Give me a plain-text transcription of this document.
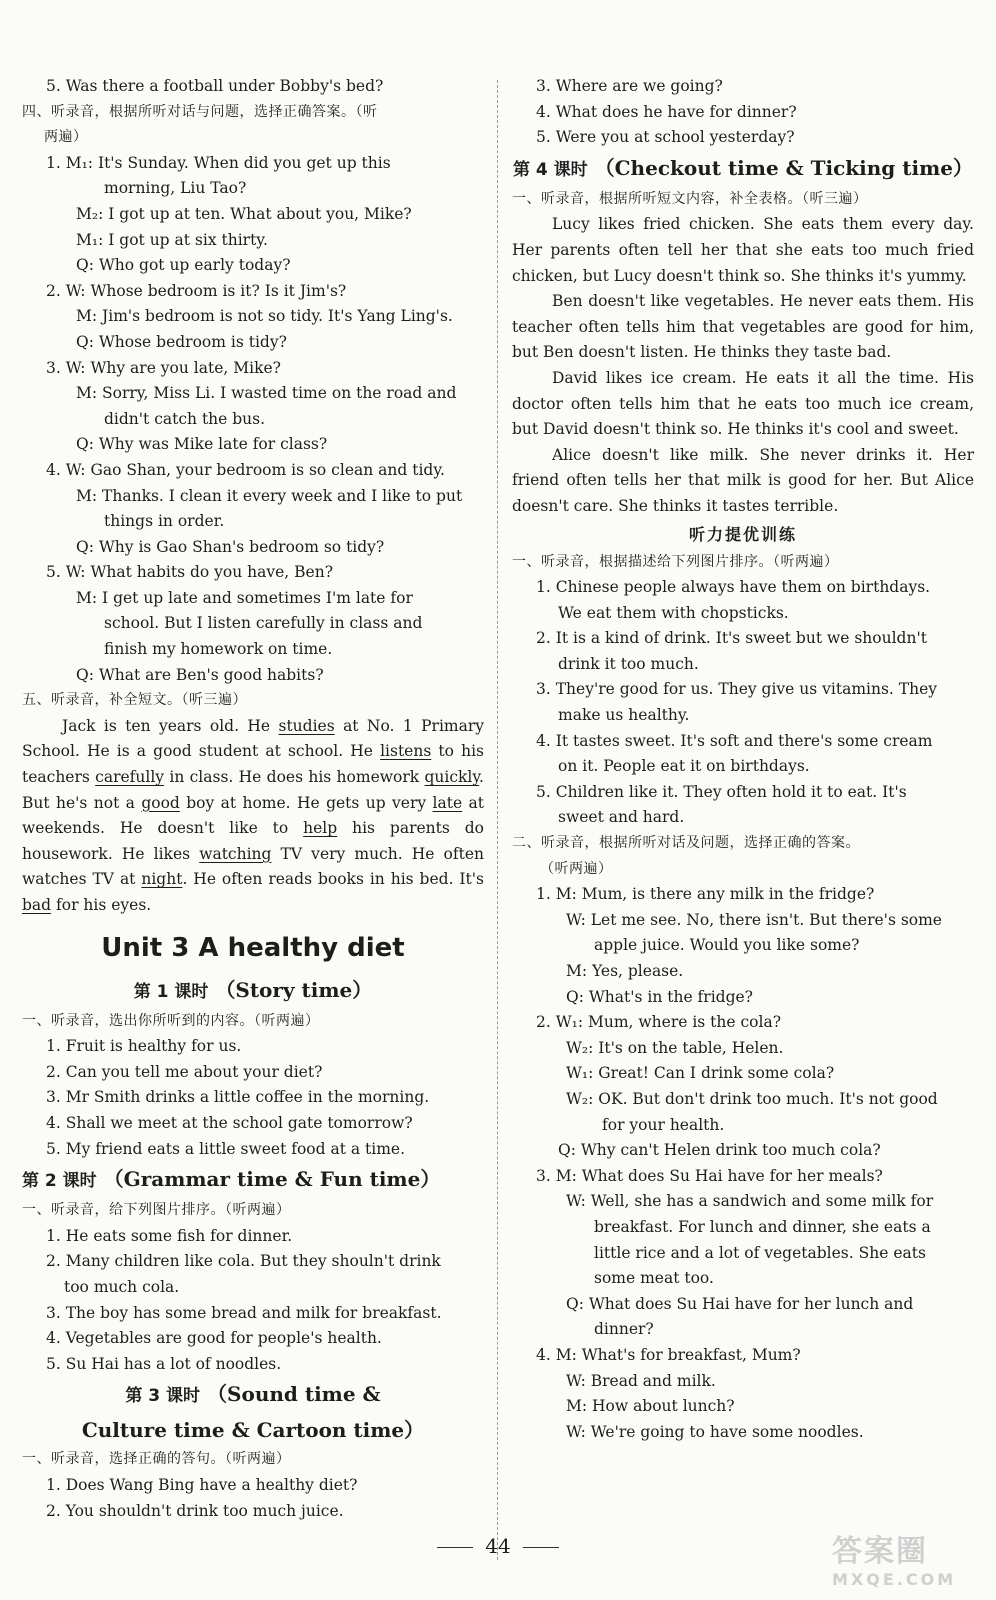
5. Was there a football under Bobby's bed?
四、听录音，根据所听对话与问题，选择正确答案。（听
两遍）
1. M₁: It's Sunday. When did you get up this
morning, Liu Tao?
M₂: I got up at ten. What about you, Mike?
M₁: I got up at six thirty.
Q: Who got up early today?
2. W: Whose bedroom is it? Is it Jim's?
M: Jim's bedroom is not so tidy. It's Yang Ling's.
Q: Whose bedroom is tidy?
3. W: Why are you late, Mike?
M: Sorry, Miss Li. I wasted time on the road and
didn't catch the bus.
Q: Why was Mike late for class?
4. W: Gao Shan, your bedroom is so clean and tidy.
M: Thanks. I clean it every week and I like to put
things in order.
Q: Why is Gao Shan's bedroom so tidy?
5. W: What habits do you have, Ben?
M: I get up late and sometimes I'm late for
school. But I listen carefully in class and
finish my homework on time.
Q: What are Ben's good habits?
五、听录音，补全短文。（听三遍）
Jack is ten years old. He studies at No. 1 Primary School. He is a good student at school. He listens to his teachers carefully in class. He does his homework quickly. But he's not a good boy at home. He gets up very late at weekends. He doesn't like to help his parents do housework. He likes watching TV very much. He often watches TV at night. He often reads books in his bed. It's bad for his eyes.
Unit 3 A healthy diet
第 1 课时 （Story time）
一、听录音，选出你所听到的内容。（听两遍）
1. Fruit is healthy for us.
2. Can you tell me about your diet?
3. Mr Smith drinks a little coffee in the morning.
4. Shall we meet at the school gate tomorrow?
5. My friend eats a little sweet food at a time.
第 2 课时 （Grammar time & Fun time）
一、听录音，给下列图片排序。（听两遍）
1. He eats some fish for dinner.
2. Many children like cola. But they shouln't drink
too much cola.
3. The boy has some bread and milk for breakfast.
4. Vegetables are good for people's health.
5. Su Hai has a lot of noodles.
第 3 课时 （Sound time &
Culture time & Cartoon time）
一、听录音，选择正确的答句。（听两遍）
1. Does Wang Bing have a healthy diet?
2. You shouldn't drink too much juice.
3. Where are we going?
4. What does he have for dinner?
5. Were you at school yesterday?
第 4 课时 （Checkout time & Ticking time）
一、听录音，根据所听短文内容，补全表格。（听三遍）
Lucy likes fried chicken. She eats them every day. Her parents often tell her that she eats too much fried chicken, but Lucy doesn't think so. She thinks it's yummy.
Ben doesn't like vegetables. He never eats them. His teacher often tells him that vegetables are good for him, but Ben doesn't listen. He thinks they taste bad.
David likes ice cream. He eats it all the time. His doctor often tells him that he eats too much ice cream, but David doesn't think so. He thinks it's cool and sweet.
Alice doesn't like milk. She never drinks it. Her friend often tells her that milk is good for her. But Alice doesn't care. She thinks it tastes terrible.
听力提优训练
一、听录音，根据描述给下列图片排序。（听两遍）
1. Chinese people always have them on birthdays.
We eat them with chopsticks.
2. It is a kind of drink. It's sweet but we shouldn't
drink it too much.
3. They're good for us. They give us vitamins. They
make us healthy.
4. It tastes sweet. It's soft and there's some cream
on it. People eat it on birthdays.
5. Children like it. They often hold it to eat. It's
sweet and hard.
二、听录音，根据所听对话及问题，选择正确的答案。
（听两遍）
1. M: Mum, is there any milk in the fridge?
W: Let me see. No, there isn't. But there's some
apple juice. Would you like some?
M: Yes, please.
Q: What's in the fridge?
2. W₁: Mum, where is the cola?
W₂: It's on the table, Helen.
W₁: Great! Can I drink some cola?
W₂: OK. But don't drink too much. It's not good
for your health.
Q: Why can't Helen drink too much cola?
3. M: What does Su Hai have for her meals?
W: Well, she has a sandwich and some milk for
breakfast. For lunch and dinner, she eats a
little rice and a lot of vegetables. She eats
some meat too.
Q: What does Su Hai have for her lunch and
dinner?
4. M: What's for breakfast, Mum?
W: Bread and milk.
M: How about lunch?
W: We're going to have some noodles.
44	答案圈
MXQE.COM
